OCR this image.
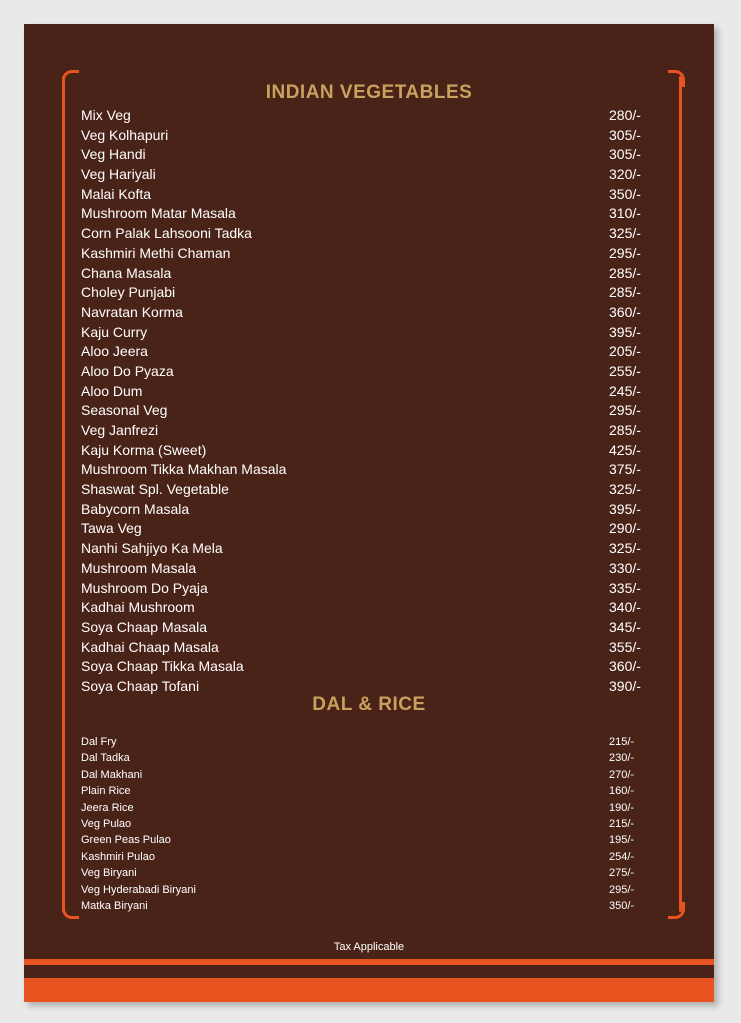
INDIAN VEGETABLES
Mix Veg	280/-
Veg Kolhapuri	305/-
Veg Handi	305/-
Veg Hariyali	320/-
Malai Kofta	350/-
Mushroom Matar Masala	310/-
Corn Palak Lahsooni Tadka	325/-
Kashmiri Methi Chaman	295/-
Chana Masala	285/-
Choley Punjabi	285/-
Navratan Korma	360/-
Kaju Curry	395/-
Aloo Jeera	205/-
Aloo Do Pyaza	255/-
Aloo Dum	245/-
Seasonal Veg	295/-
Veg Janfrezi	285/-
Kaju Korma (Sweet)	425/-
Mushroom Tikka Makhan Masala	375/-
Shaswat Spl. Vegetable	325/-
Babycorn Masala	395/-
Tawa Veg	290/-
Nanhi Sahjiyo Ka Mela	325/-
Mushroom Masala	330/-
Mushroom Do Pyaja	335/-
Kadhai Mushroom	340/-
Soya Chaap Masala	345/-
Kadhai Chaap Masala	355/-
Soya Chaap Tikka Masala	360/-
Soya Chaap Tofani	390/-
DAL & RICE
Dal Fry	215/-
Dal Tadka	230/-
Dal Makhani	270/-
Plain Rice	160/-
Jeera Rice	190/-
Veg Pulao	215/-
Green Peas Pulao	195/-
Kashmiri Pulao	254/-
Veg Biryani	275/-
Veg Hyderabadi Biryani	295/-
Matka Biryani	350/-
Tax Applicable
